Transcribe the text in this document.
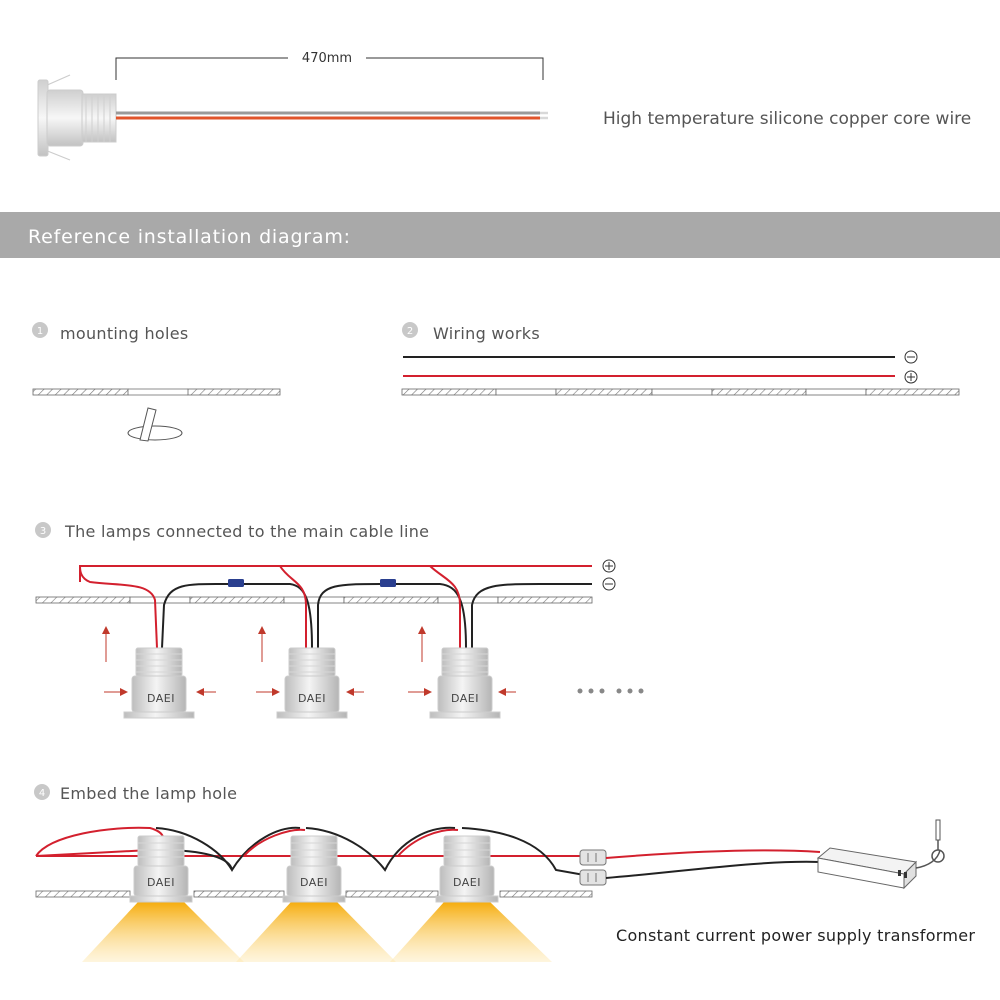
470mm
High temperature silicone copper core wire
Reference installation diagram:
1 mounting holes	2 Wiring works
3 The lamps connected to the main cable line
DAEI	DAEI	DAEI
4 Embed the lamp hole
DAEI	DAEI	DAEI
Constant current power supply transformer
